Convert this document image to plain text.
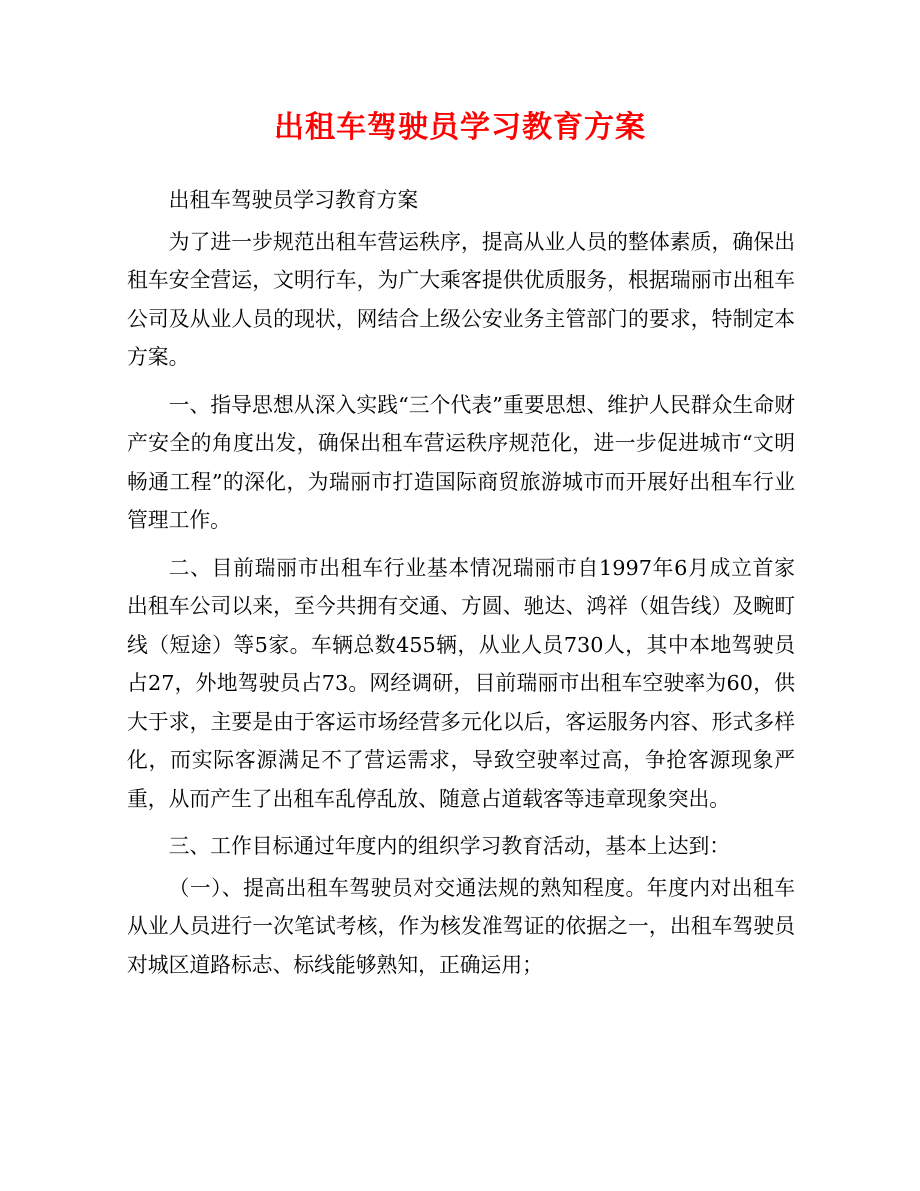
出租车驾驶员学习教育方案

出租车驾驶员学习教育方案

为了进一步规范出租车营运秩序，提高从业人员的整体素质，确保出租车安全营运，文明行车，为广大乘客提供优质服务，根据瑞丽市出租车公司及从业人员的现状，网结合上级公安业务主管部门的要求，特制定本方案。

一、指导思想从深入实践“三个代表”重要思想、维护人民群众生命财产安全的角度出发，确保出租车营运秩序规范化，进一步促进城市“文明畅通工程”的深化，为瑞丽市打造国际商贸旅游城市而开展好出租车行业管理工作。

二、目前瑞丽市出租车行业基本情况瑞丽市自1997年6月成立首家出租车公司以来，至今共拥有交通、方圆、驰达、鸿祥（姐告线）及畹町线（短途）等5家。车辆总数455辆，从业人员730人，其中本地驾驶员占27，外地驾驶员占73。网经调研，目前瑞丽市出租车空驶率为60，供大于求，主要是由于客运市场经营多元化以后，客运服务内容、形式多样化，而实际客源满足不了营运需求，导致空驶率过高，争抢客源现象严重，从而产生了出租车乱停乱放、随意占道载客等违章现象突出。

三、工作目标通过年度内的组织学习教育活动，基本上达到：

（一）、提高出租车驾驶员对交通法规的熟知程度。年度内对出租车从业人员进行一次笔试考核，作为核发准驾证的依据之一，出租车驾驶员对城区道路标志、标线能够熟知，正确运用；
